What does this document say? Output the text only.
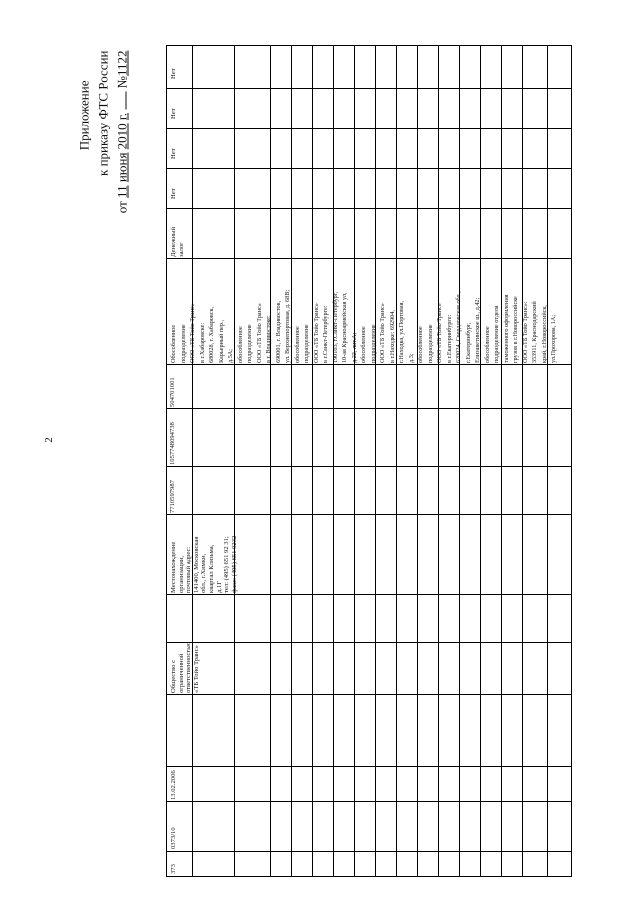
2
Приложение к приказу ФТС России
от 11 июня 2010 г.  №1122
373
0373/10
13.02.2006
Общество с ограниченной ответственностью «ТБ Тойо Транс»
Местонахождение организации, почтовый адрес: 141400, Московская обл., г.Химки, квартал Клязьма, д.1Г тел: (495) 651 92 31; факс: (495) 651 9232
7710597987
1057748094738
504701001
Обособленное подразделение ООО «ТБ Тойо Транс» в г.Хабаровске: 680028, г. Хабаровск, Карьерный пер., д.5А; обособленное подразделение ООО «ТБ Тойо Транс» в г. Владивостоке: 690001, г. Владивосток, ул. Верхнепортовая, д. 68В; обособленное подразделение ООО «ТБ Тойо Транс» в г.Санкт-Петербурге: 190103, г.Санкт-Петербург, 10-ая Красноармейская ул, д.22, лит.А; обособленное подразделение ООО «ТБ Тойо Транс» в г.Находке: 692904, г.Находка, ул.Портовая, д.3; обособленное подразделение ООО «ТБ Тойо Транс» в г.Екатеринбурге: 620024, Свердловская обл., г.Екатеринбург, Елизаветинское ш., д.42; обособленное подразделение отдела таможенного оформления грузов в г.Новороссийске ООО «ТБ Тойо Транс»: 353911, Краснодарский край, г.Новороссийск, ул.Прохорова, 1А;
Денежный залог
Нет
Нет
Нет
Нет
